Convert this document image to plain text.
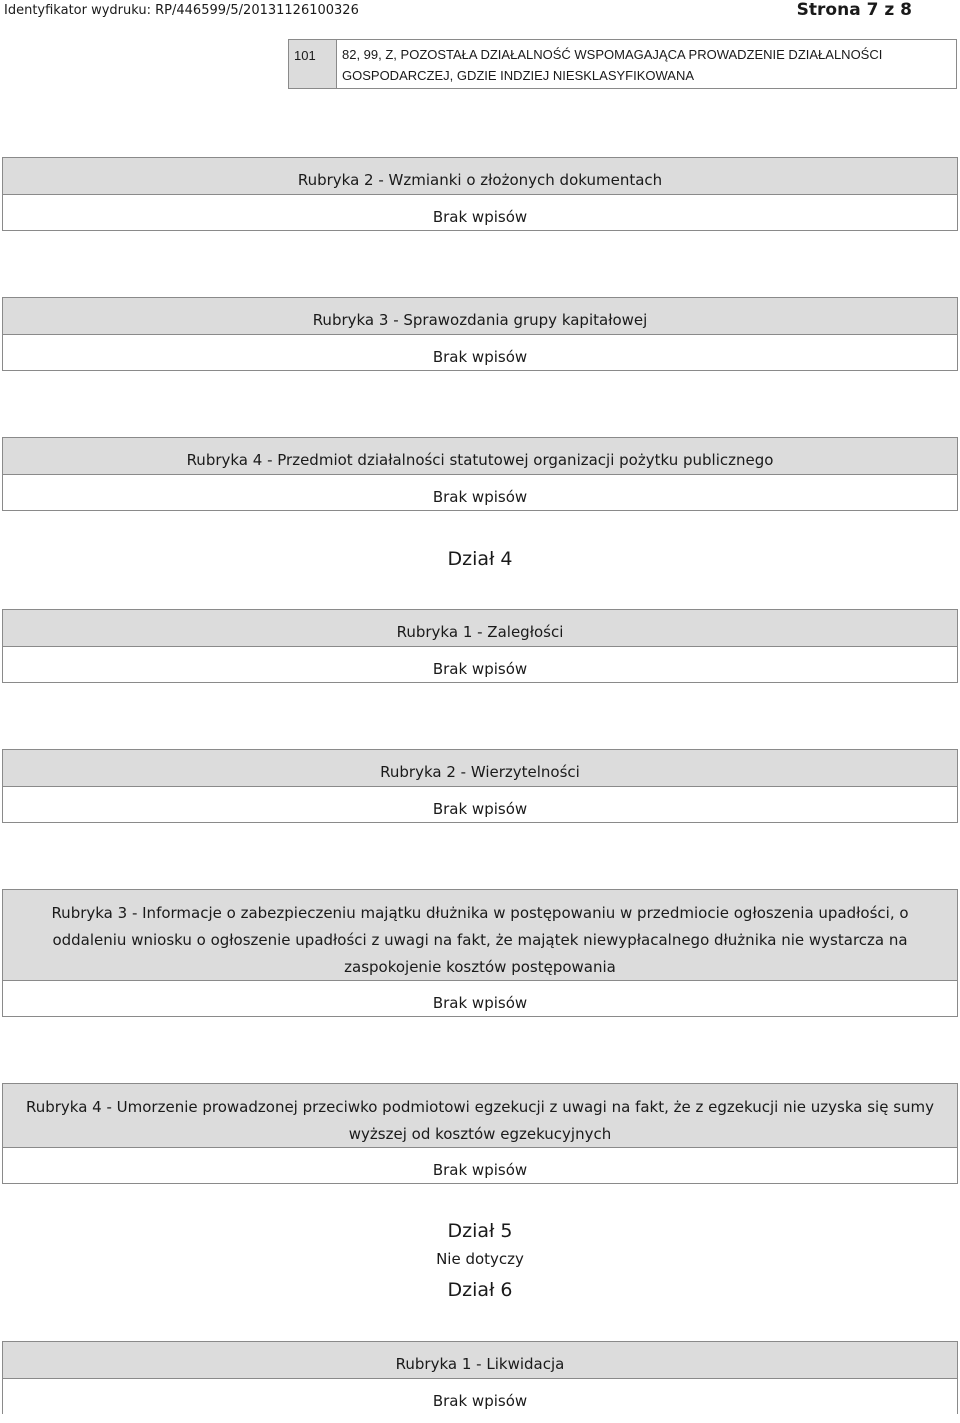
Identyfikator wydruku: RP/446599/5/20131126100326	Strona 7 z 8
101	82, 99, Z, POZOSTAŁA DZIAŁALNOŚĆ WSPOMAGAJĄCA PROWADZENIE DZIAŁALNOŚCI GOSPODARCZEJ, GDZIE INDZIEJ NIESKLASYFIKOWANA
Rubryka 2 - Wzmianki o złożonych dokumentach
Brak wpisów
Rubryka 3 - Sprawozdania grupy kapitałowej
Brak wpisów
Rubryka 4 - Przedmiot działalności statutowej organizacji pożytku publicznego
Brak wpisów
Dział 4
Rubryka 1 - Zaległości
Brak wpisów
Rubryka 2 - Wierzytelności
Brak wpisów
Rubryka 3 - Informacje o zabezpieczeniu majątku dłużnika w postępowaniu w przedmiocie ogłoszenia upadłości, o oddaleniu wniosku o ogłoszenie upadłości z uwagi na fakt, że majątek niewypłacalnego dłużnika nie wystarcza na zaspokojenie kosztów postępowania
Brak wpisów
Rubryka 4 - Umorzenie prowadzonej przeciwko podmiotowi egzekucji z uwagi na fakt, że z egzekucji nie uzyska się sumy wyższej od kosztów egzekucyjnych
Brak wpisów
Dział 5
Nie dotyczy
Dział 6
Rubryka 1 - Likwidacja
Brak wpisów
